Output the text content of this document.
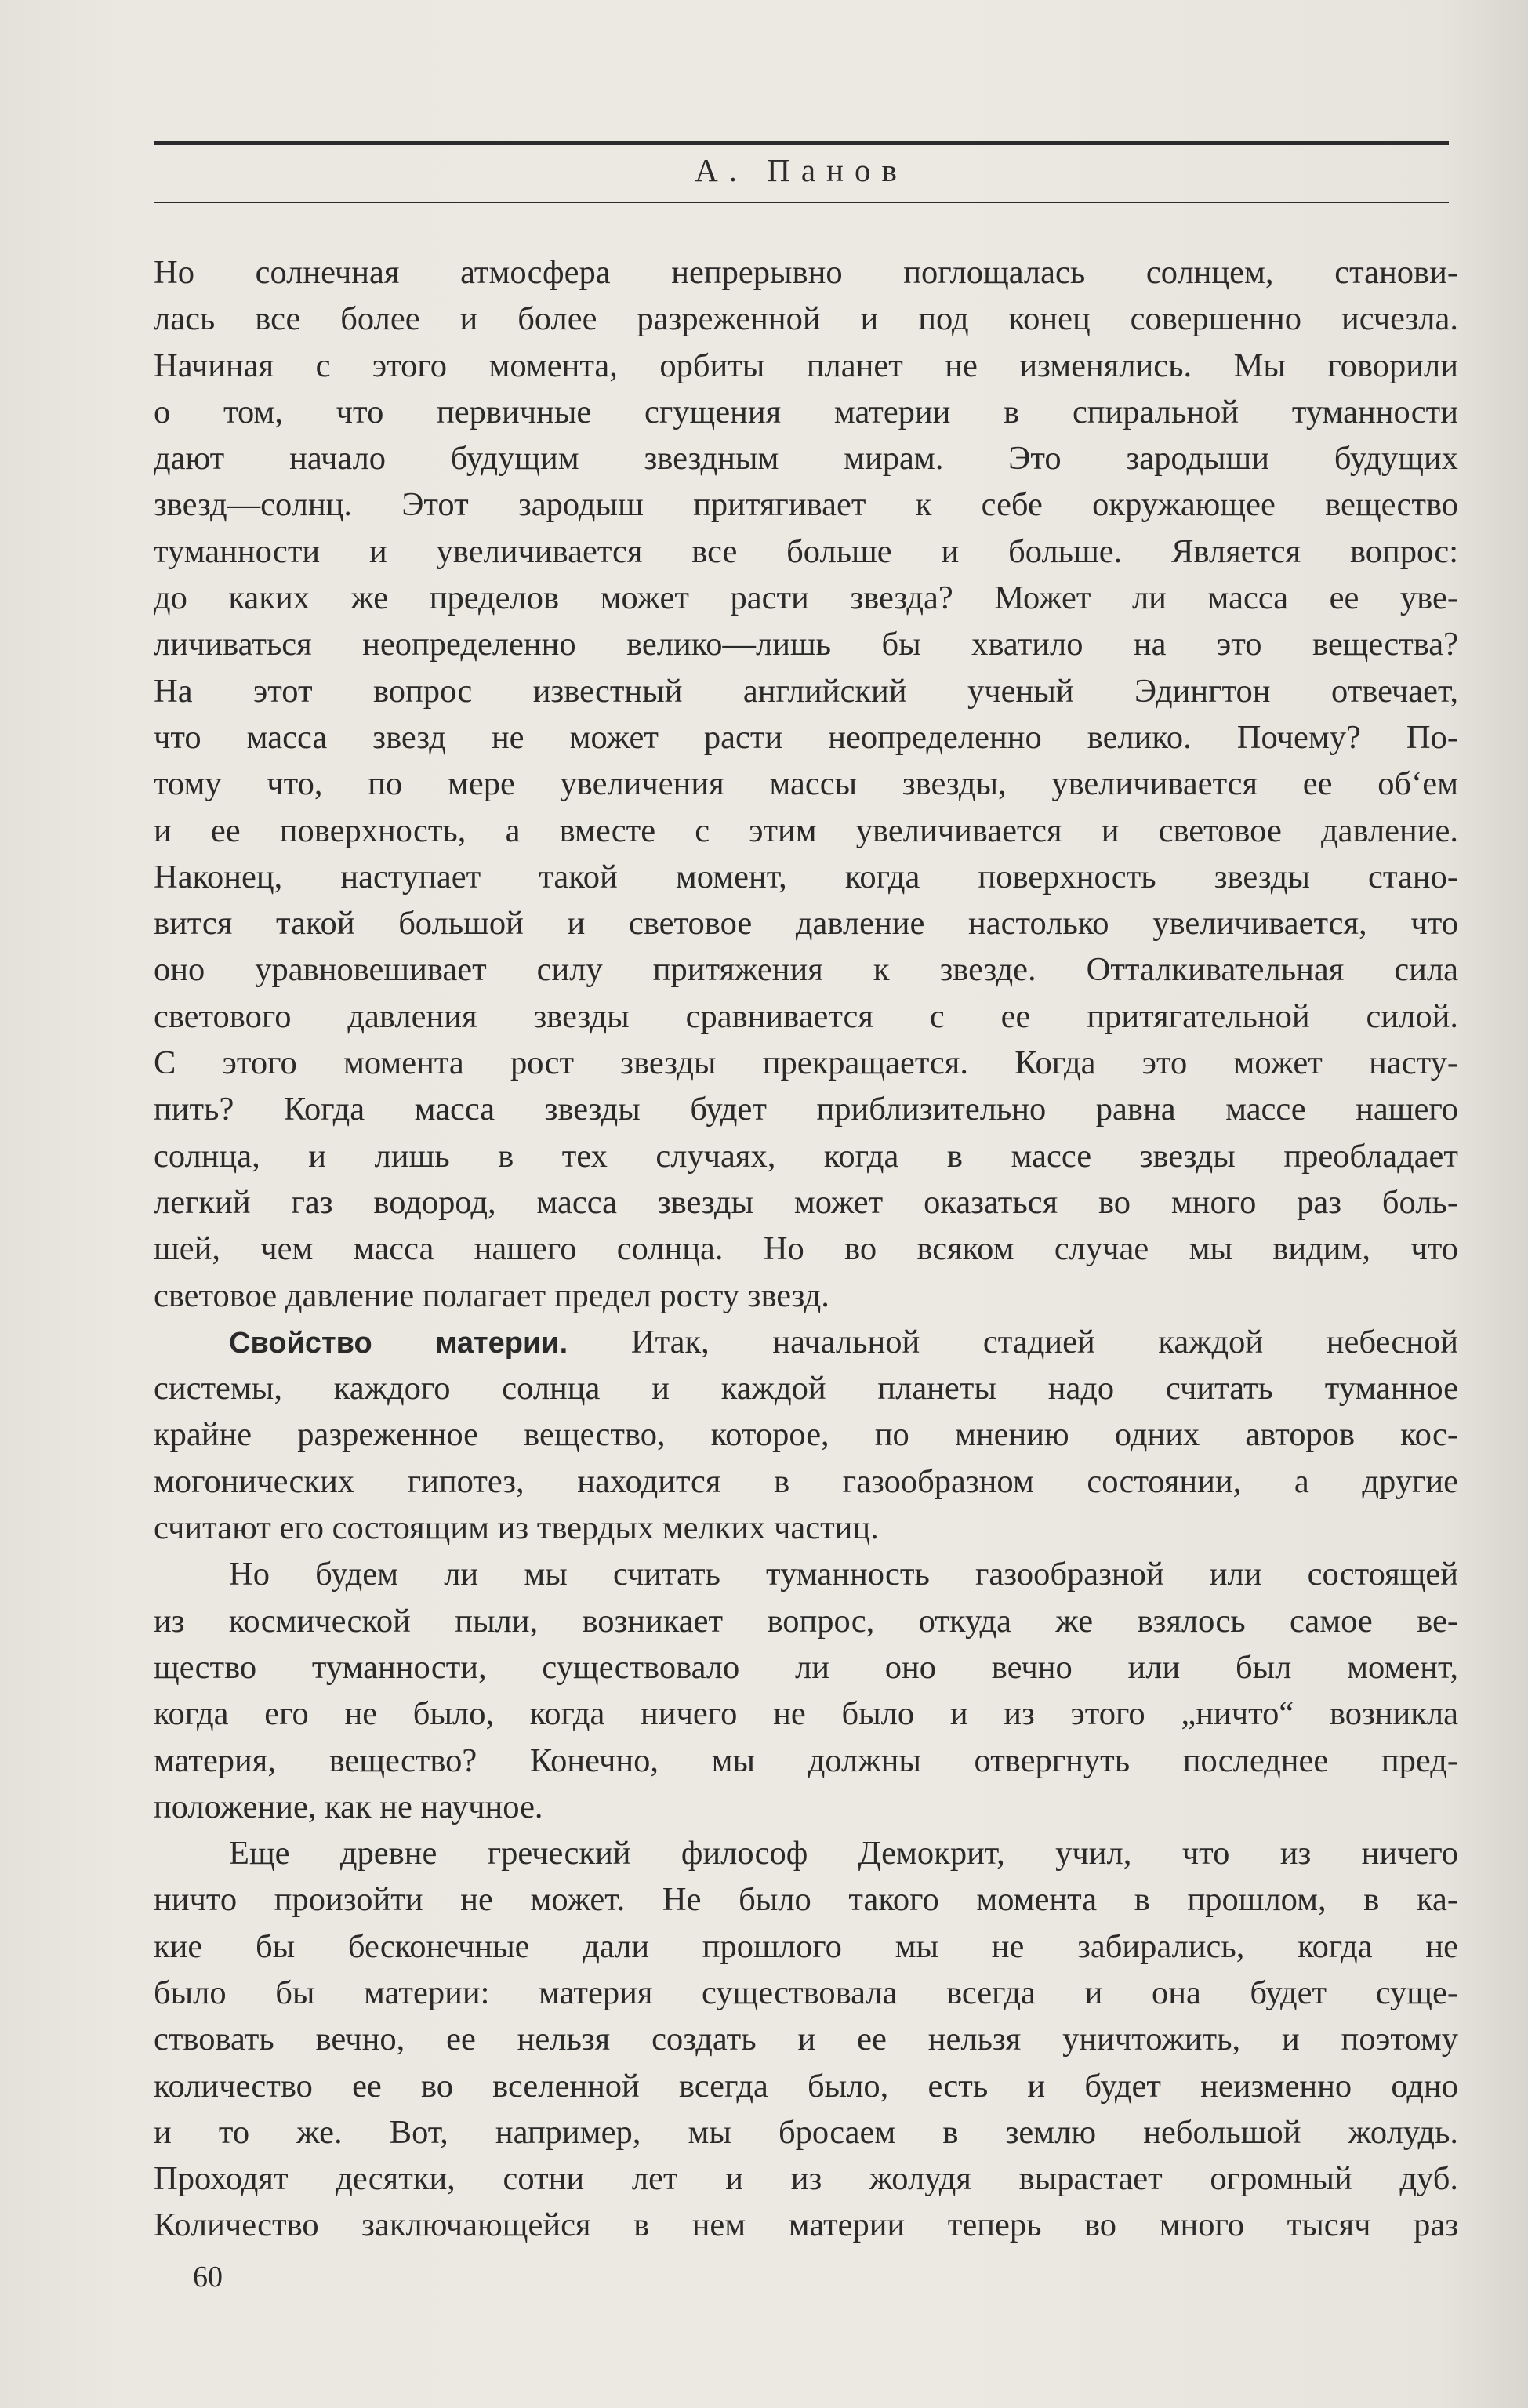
А. Панов
Но солнечная атмосфера непрерывно поглощалась солнцем, станови-
лась все более и более разреженной и под конец совершенно исчезла.
Начиная с этого момента, орбиты планет не изменялись. Мы говорили
о том, что первичные сгущения материи в спиральной туманности
дают начало будущим звездным мирам. Это зародыши будущих
звезд—солнц. Этот зародыш притягивает к себе окружающее вещество
туманности и увеличивается все больше и больше. Является вопрос:
до каких же пределов может расти звезда? Может ли масса ее уве-
личиваться неопределенно велико—лишь бы хватило на это вещества?
На этот вопрос известный английский ученый Эдингтон отвечает,
что масса звезд не может расти неопределенно велико. Почему? По-
тому что, по мере увеличения массы звезды, увеличивается ее об‘ем
и ее поверхность, а вместе с этим увеличивается и световое давление.
Наконец, наступает такой момент, когда поверхность звезды стано-
вится такой большой и световое давление настолько увеличивается, что
оно уравновешивает силу притяжения к звезде. Отталкивательная сила
светового давления звезды сравнивается с ее притягательной силой.
С этого момента рост звезды прекращается. Когда это может насту-
пить? Когда масса звезды будет приблизительно равна массе нашего
солнца, и лишь в тех случаях, когда в массе звезды преобладает
легкий газ водород, масса звезды может оказаться во много раз боль-
шей, чем масса нашего солнца. Но во всяком случае мы видим, что
световое давление полагает предел росту звезд.
Свойство материи. Итак, начальной стадией каждой небесной
системы, каждого солнца и каждой планеты надо считать туманное
крайне разреженное вещество, которое, по мнению одних авторов кос-
могонических гипотез, находится в газообразном состоянии, а другие
считают его состоящим из твердых мелких частиц.
Но будем ли мы считать туманность газообразной или состоящей
из космической пыли, возникает вопрос, откуда же взялось самое ве-
щество туманности, существовало ли оно вечно или был момент,
когда его не было, когда ничего не было и из этого „ничто“ возникла
материя, вещество? Конечно, мы должны отвергнуть последнее пред-
положение, как не научное.
Еще древне греческий философ Демокрит, учил, что из ничего
ничто произойти не может. Не было такого момента в прошлом, в ка-
кие бы бесконечные дали прошлого мы не забирались, когда не
было бы материи: материя существовала всегда и она будет суще-
ствовать вечно, ее нельзя создать и ее нельзя уничтожить, и поэтому
количество ее во вселенной всегда было, есть и будет неизменно одно
и то же. Вот, например, мы бросаем в землю небольшой жолудь.
Проходят десятки, сотни лет и из жолудя вырастает огромный дуб.
Количество заключающейся в нем материи теперь во много тысяч раз
60
